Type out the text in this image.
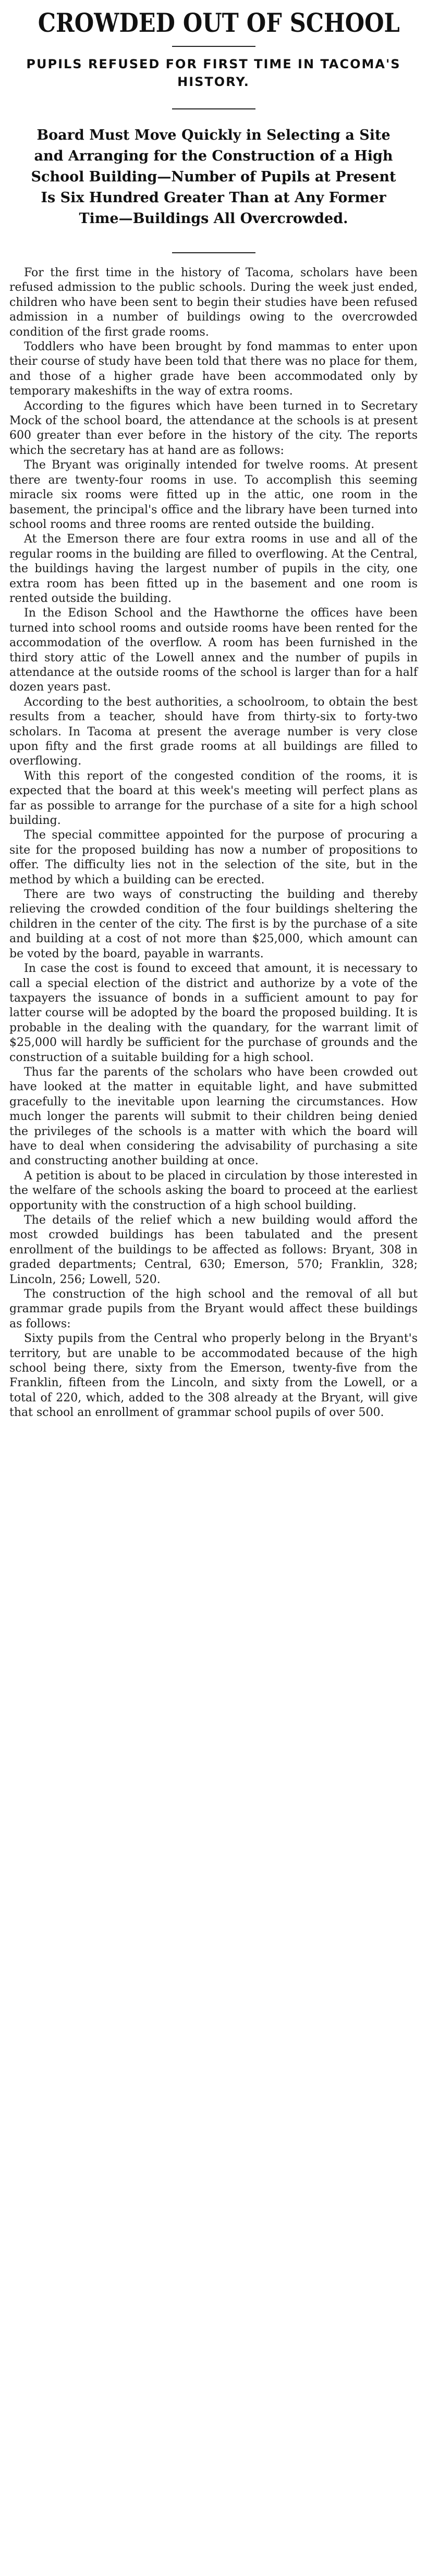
CROWDED OUT OF SCHOOL
PUPILS REFUSED FOR FIRST TIME IN TACOMA'S HISTORY.
Board Must Move Quickly in Selecting a Site and Arranging for the Construction of a High School Building—Number of Pupils at Present Is Six Hundred Greater Than at Any Former Time—Buildings All Overcrowded.

For the first time in the history of Tacoma, scholars have been refused admission to the public schools. During the week just ended, children who have been sent to begin their studies have been refused admission in a number of buildings owing to the overcrowded condition of the first grade rooms.

Toddlers who have been brought by fond mammas to enter upon their course of study have been told that there was no place for them, and those of a higher grade have been accommodated only by temporary makeshifts in the way of extra rooms.

According to the figures which have been turned in to Secretary Mock of the school board, the attendance at the schools is at present 600 greater than ever before in the history of the city. The reports which the secretary has at hand are as follows:

The Bryant was originally intended for twelve rooms. At present there are twenty-four rooms in use. To accomplish this seeming miracle six rooms were fitted up in the attic, one room in the basement, the principal's office and the library have been turned into school rooms and three rooms are rented outside the building.

At the Emerson there are four extra rooms in use and all of the regular rooms in the building are filled to overflowing. At the Central, the buildings having the largest number of pupils in the city, one extra room has been fitted up in the basement and one room is rented outside the building.

In the Edison School and the Hawthorne the offices have been turned into school rooms and outside rooms have been rented for the accommodation of the overflow. A room has been furnished in the third story attic of the Lowell annex and the number of pupils in attendance at the outside rooms of the school is larger than for a half dozen years past.

According to the best authorities, a schoolroom, to obtain the best results from a teacher, should have from thirty-six to forty-two scholars. In Tacoma at present the average number is very close upon fifty and the first grade rooms at all buildings are filled to overflowing.

With this report of the congested condition of the rooms, it is expected that the board at this week's meeting will perfect plans as far as possible to arrange for the purchase of a site for a high school building.

The special committee appointed for the purpose of procuring a site for the proposed building has now a number of propositions to offer. The difficulty lies not in the selection of the site, but in the method by which a building can be erected.

There are two ways of constructing the building and thereby relieving the crowded condition of the four buildings sheltering the children in the center of the city. The first is by the purchase of a site and building at a cost of not more than $25,000, which amount can be voted by the board, payable in warrants.

In case the cost is found to exceed that amount, it is necessary to call a special election of the district and authorize by a vote of the taxpayers the issuance of bonds in a sufficient amount to pay for latter course will be adopted by the board the proposed building. It is probable in the dealing with the quandary, for the warrant limit of $25,000 will hardly be sufficient for the purchase of grounds and the construction of a suitable building for a high school.

Thus far the parents of the scholars who have been crowded out have looked at the matter in equitable light, and have submitted gracefully to the inevitable upon learning the circumstances. How much longer the parents will submit to their children being denied the privileges of the schools is a matter with which the board will have to deal when considering the advisability of purchasing a site and constructing another building at once.

A petition is about to be placed in circulation by those interested in the welfare of the schools asking the board to proceed at the earliest opportunity with the construction of a high school building.

The details of the relief which a new building would afford the most crowded buildings has been tabulated and the present enrollment of the buildings to be affected as follows: Bryant, 308 in graded departments; Central, 630; Emerson, 570; Franklin, 328; Lincoln, 256; Lowell, 520.

The construction of the high school and the removal of all but grammar grade pupils from the Bryant would affect these buildings as follows:

Sixty pupils from the Central who properly belong in the Bryant's territory, but are unable to be accommodated because of the high school being there, sixty from the Emerson, twenty-five from the Franklin, fifteen from the Lincoln, and sixty from the Lowell, or a total of 220, which, added to the 308 already at the Bryant, will give that school an enrollment of grammar school pupils of over 500.
